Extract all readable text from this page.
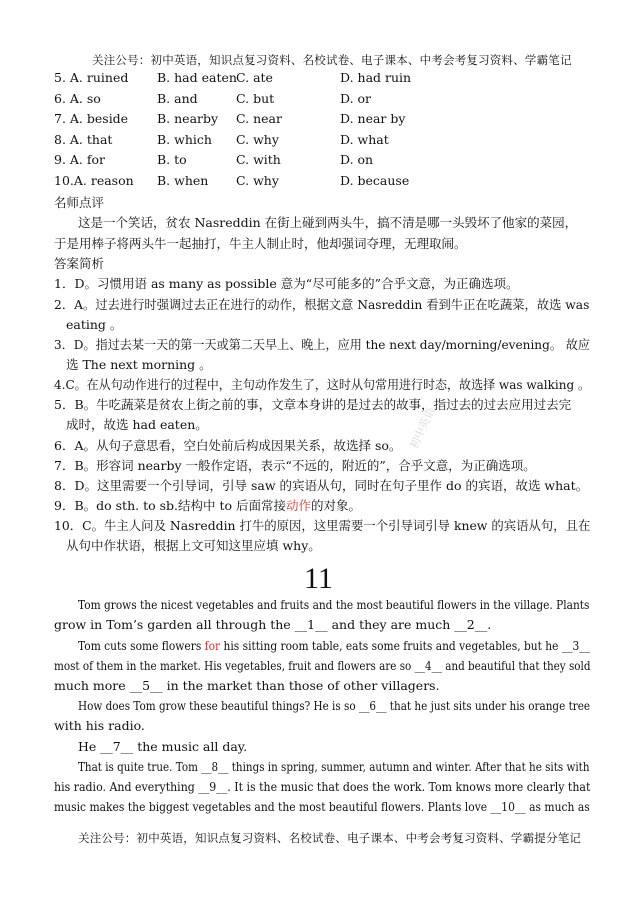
关注公号：初中英语，知识点复习资料、名校试卷、电子课本、中考会考复习资料、学霸笔记
5. A. ruined B. had eaten C. ate	D. had ruin
6. A. so	B. and	C. but	D. or
7. A. beside B. nearby C. near	D. near by
8. A. that	B. which C. why	D. what
9. A. for	B. to	C. with	D. on
10.A. reason B. when C. why	D. because
名师点评
这是一个笑话，贫农 Nasreddin 在街上碰到两头牛，搞不清是哪一头毁坏了他家的菜园，
于是用棒子将两头牛一起抽打，牛主人制止时，他却强词夺理，无理取闹。
答案简析
1．D。习惯用语 as many as possible 意为“尽可能多的”合乎文意，为正确选项。
2．A。过去进行时强调过去正在进行的动作，根据文意 Nasreddin 看到牛正在吃蔬菜，故选 was
eating 。
3．D。指过去某一天的第一天或第二天早上、晚上，应用 the next day/morning/evening。 故应
选 The next morning 。
4.C。在从句动作进行的过程中，主句动作发生了，这时从句常用进行时态，故选择 was walking 。
5．B。牛吃蔬菜是贫农上街之前的事，文章本身讲的是过去的故事，指过去的过去应用过去完
成时，故选 had eaten。
6．A。从句子意思看，空白处前后构成因果关系，故选择 so。
7．B。形容词 nearby 一般作定语，表示“不远的，附近的”，合乎文意，为正确选项。
8．D。这里需要一个引导词，引导 saw 的宾语从句，同时在句子里作 do 的宾语，故选 what。
9．B。do sth. to sb.结构中 to 后面常接动作的对象。
10．C。牛主人问及 Nasreddin 打牛的原因，这里需要一个引导词引导 knew 的宾语从句，且在
从句中作状语，根据上文可知这里应填 why。
初中英语
11
Tom grows the nicest vegetables and fruits and the most beautiful flowers in the village. Plants
grow in Tom’s garden all through the __1__ and they are much __2__.
Tom cuts some flowers for his sitting room table, eats some fruits and vegetables, but he __3__
most of them in the market. His vegetables, fruit and flowers are so __4__ and beautiful that they sold
much more __5__ in the market than those of other villagers.
How does Tom grow these beautiful things? He is so __6__ that he just sits under his orange tree
with his radio.
He __7__ the music all day.
That is quite true. Tom __8__ things in spring, summer, autumn and winter. After that he sits with
his radio. And everything __9__. It is the music that does the work. Tom knows more clearly that
music makes the biggest vegetables and the most beautiful flowers. Plants love __10__ as much as
关注公号：初中英语，知识点复习资料、名校试卷、电子课本、中考会考复习资料、学霸提分笔记
